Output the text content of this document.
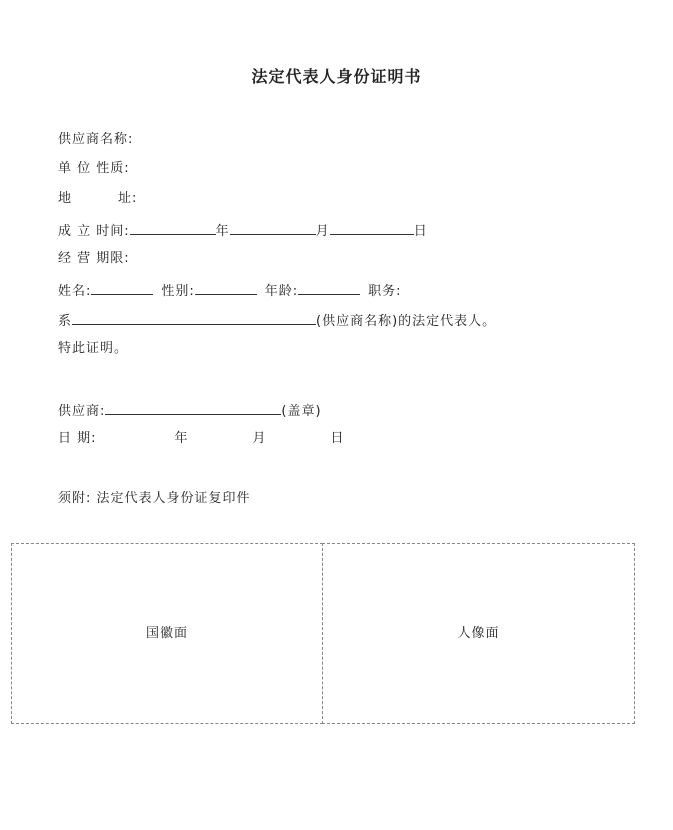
法定代表人身份证明书
供应商名称:
单 位 性质:
地	址:
成 立 时间:	年	月	日
经 营 期限:
姓名:	性别:	年龄:	职务:
系	(供应商名称)的法定代表人。
特此证明。
供应商:	(盖章)
日 期:	年	月	日
须附: 法定代表人身份证复印件
国徽面	人像面
